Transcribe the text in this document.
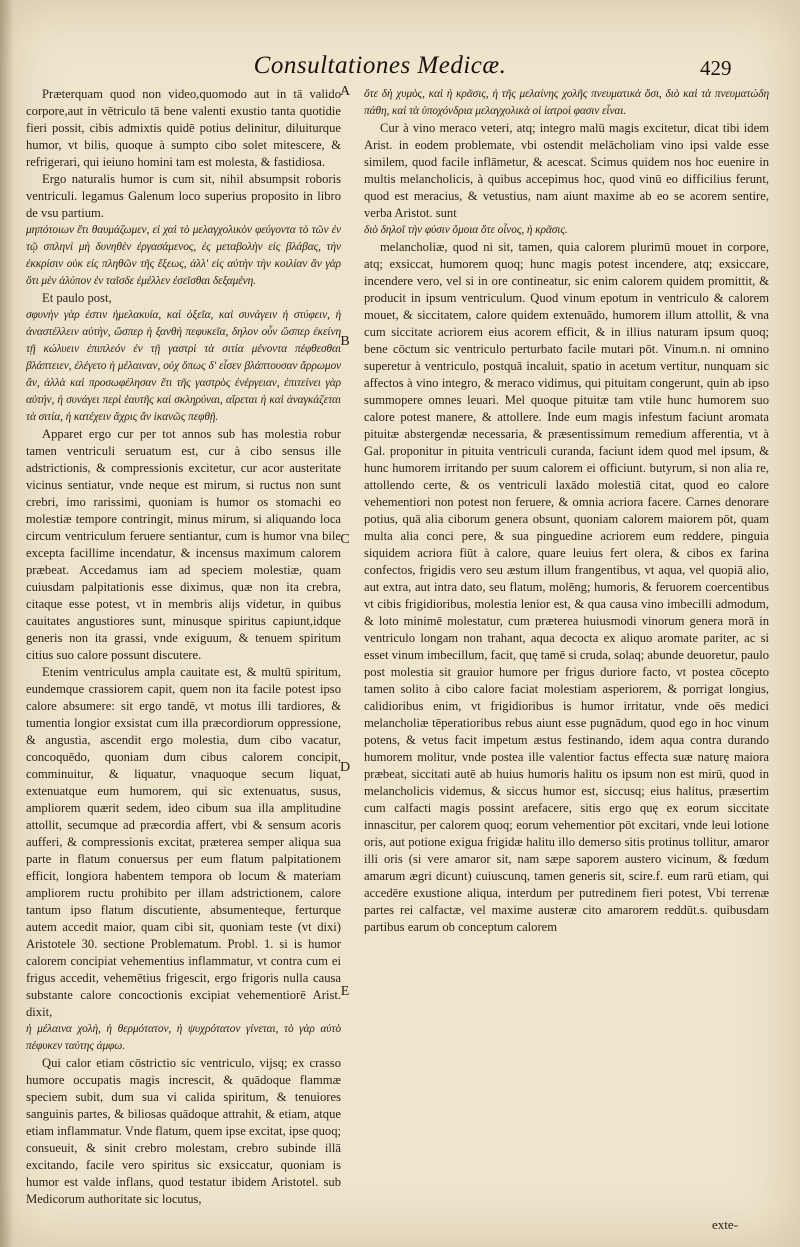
Consultationes Medicæ.	429

Præterquam quod non video,quomodo aut in tā valido corpore,aut in vētriculo tā bene valenti exustio tanta quotidie fieri possit, cibis admixtis quidē potius delinitur, diluiturque humor, vt bilis, quoque à sumpto cibo solet mitescere, & refrigerari, qui ieiuno homini tam est molesta, & fastidiosa.

Ergo naturalis humor is cum sit, nihil absumpsit roboris ventriculi. legamus Galenum loco superius proposito in libro de vsu partium.

μηπότοιων ἔτι θαυμάζωμεν, εἰ χαὶ τὸ μελαγχολικὸν φεύγοντα τὸ τῶν ἐν τῷ σπληνὶ μὴ δυνηθὲν ἐργασάμενος, ἐς μεταβολὴν εἰς βλάβας, τὴν ἐκκρίσιν οὐκ εἰς πληθῶν τῆς ἕξεως, ἀλλ' εἰς αὐτὴν τὴν κοιλίαν ἄν γὰρ ὅτι μὲν ἀλύπον ἐν ταῖσδε ἐμέλλεν ἐσεῖσθαι δεξαμένη.

Et paulo post,

σφυνὴν γὰρ ἐστιν ἡμελακυία, καὶ ὀξεῖα, καὶ συνάγειν ἡ στύφειν, ἡ ἀναστέλλειν αὐτὴν, ὥσπερ ἡ ξανθὴ πεφυκεῖα, δηλον οὖν ὥσπερ ἐκείνη τῇ κώλυειν ἐπιπλεόν ἐν τῇ γαστρὶ τὰ σιτία μένοντα πέφθεσθαι βλάπτειεν, ἐλέγετο ἡ μέλαιναν, οὐχ ὅπως δ' εἶσεν βλάπτουσαν ἄρρωμον ἄν, ἀλλὰ καὶ προσωφέλησαν ἔτι τῆς γαστρὸς ἐνέργειαν, ἐπιτείνει γὰρ αὐτήν, ἡ συνάγει περὶ ἑαυτῆς καὶ σκληρύναι, αἵρεται ἡ καὶ ἀναγκάζεται τὰ σιτία, ἡ κατέχειν ἄχρις ἄν ἱκανῶς πεφθῇ.

Apparet ergo cur per tot annos sub has molestia robur tamen ventriculi seruatum est, cur à cibo sensus ille adstrictionis, & compressionis excitetur, cur acor austeritate vicinus sentiatur, vnde neque est mirum, si ructus non sunt crebri, imo rarissimi, quoniam is humor os stomachi eo molestiæ tempore contringit, minus mirum, si aliquando loca circum ventriculum feruere sentiantur, cum is humor vna bile excepta facillime incendatur, & incensus maximum calorem præbeat. Accedamus iam ad speciem molestiæ, quam cuiusdam palpitationis esse diximus, quæ non ita crebra, citaque esse potest, vt in membris alijs videtur, in quibus cauitates angustiores sunt, minusque spiritus capiunt,idque generis non ita grassi, vnde exiguum, & tenuem spiritum citius suo calore possunt discutere.

Etenim ventriculus ampla cauitate est, & multū spiritum, eundemque crassiorem capit, quem non ita facile potest ipso calore absumere: sit ergo tandē, vt motus illi tardiores, & tumentia longior exsistat cum illa præcordiorum oppressione, & angustia, ascendit ergo molestia, dum cibo vacatur, concoquēdo, quoniam dum cibus calorem concipit, comminuitur, & liquatur, vnaquoque secum liquat, extenuatque eum humorem, qui sic extenuatus, susus, ampliorem quærit sedem, ideo cibum sua illa amplitudine attollit, secumque ad præcordia affert, vbi & sensum acoris aufferi, & compressionis excitat, præterea semper aliqua sua parte in flatum conuersus per eum flatum palpitationem efficit, longiora habentem tempora ob locum & materiam ampliorem ructu prohibito per illam adstrictionem, calore tantum ipso flatum discutiente, absumenteque, ferturque autem accedit maior, quam cibi sit, quoniam teste (vt dixi) Aristotele 30. sectione Problematum. Probl. 1. si is humor calorem concipiat vehementius inflammatur, vt contra cum ei frigus accedit, vehemētius frigescit, ergo frigoris nulla causa substante calore concoctionis excipiat vehementiorē Arist. dixit,

ἡ μέλαινα χολὴ, ἡ θερμότατον, ἡ ψυχρότατον γίνεται, τὸ γὰρ αὐτὸ πέφυκεν ταύτης ἀμφω.

Qui calor etiam cōstrictio sic ventriculo, vijsq; ex crasso humore occupatis magis increscit, & quādoque flammæ speciem subit, dum sua vi calida spiritum, & tenuiores sanguinis partes, & biliosas quādoque attrahit, & etiam, atque etiam inflammatur. Vnde flatum, quem ipse excitat, ipse quoq; consueuit, & sinit crebro molestam, crebro subinde illā excitando, facile vero spiritus sic exsiccatur, quoniam is humor est valde inflans, quod testatur ibidem Aristotel. sub Medicorum authoritate sic locutus,

A
B
C
D
E

ὅτε δὴ χυμὸς, καὶ ἡ κρᾶσις, ἡ τῆς μελαίνης χολῆς πνευματικὰ ὅσι, διὸ καὶ τὰ πνευματώδη πάθη, καὶ τὰ ὑποχόνδρια μελαγχολικὰ οἱ ἰατροὶ φασιν εἶναι.

Cur à vino meraco veteri, atq; integro malū magis excitetur, dicat tibi idem Arist. in eodem problemate, vbi ostendit melācholiam vino ipsi valde esse similem, quod facile inflāmetur, & acescat. Scimus quidem nos hoc euenire in multis melancholicis, à quibus accepimus hoc, quod vinū eo difficilius ferunt, quod est meracius, & vetustius, nam aiunt maxime ab eo se acorem sentire, verba Aristot. sunt

διὸ δηλοῖ τὴν φύσιν ὅμοια ὅτε οἶνος, ἡ κρᾶσις.

melancholiæ, quod ni sit, tamen, quia calorem plurimū mouet in corpore, atq; exsiccat, humorem quoq; hunc magis potest incendere, atq; exsiccare, incendere vero, vel si in ore contineatur, sic enim calorem quidem promittit, & producit in ipsum ventriculum. Quod vinum epotum in ventriculo & calorem mouet, & siccitatem, calore quidem extenuādo, humorem illum attollit, & vna cum siccitate acriorem eius acorem efficit, & in illius naturam ipsum quoq; bene cōctum sic ventriculo perturbato facile mutari pōt. Vinum.n. ni omnino superetur à ventriculo, postquā incaluit, spatio in acetum vertitur, nunquam sic affectos à vino integro, & meraco vidimus, qui pituitam congerunt, quin ab ipso summopere omnes leuari. Mel quoque pituitæ tam vtile hunc humorem suo calore potest manere, & attollere. Inde eum magis infestum faciunt aromata pituitæ abstergendæ necessaria, & præsentissimum remedium afferentia, vt à Gal. proponitur in pituita ventriculi curanda, faciunt idem quod mel ipsum, & hunc humorem irritando per suum calorem ei officiunt. butyrum, si non alia re, attollendo certe, & os ventriculi laxādo molestiā citat, quod eo calore vehementiori non potest non feruere, & omnia acriora facere. Carnes denorare potius, quā alia ciborum genera obsunt, quoniam calorem maiorem pōt, quam multa alia conci pere, & sua pinguedine acriorem eum reddere, pinguia siquidem acriora fiūt à calore, quare leuius fert olera, & cibos ex farina confectos, frigidis vero seu æstum illum frangentibus, vt aqua, vel quopiā alio, aut extra, aut intra dato, seu flatum, molēng; humoris, & feruorem coercentibus vt cibis frigidioribus, molestia lenior est, & qua causa vino imbecilli admodum, & loto minimē molestatur, cum præterea huiusmodi vinorum genera morā in ventriculo longam non trahant, aqua decocta ex aliquo aromate pariter, ac si esset vinum imbecillum, facit, quę tamē si cruda, solaq; abunde deuoretur, paulo post molestia sit grauior humore per frigus duriore facto, vt postea cōcepto tamen solito à cibo calore faciat molestiam asperiorem, & porrigat longius, calidioribus enim, vt frigidioribus is humor irritatur, vnde oēs medici melancholiæ tēperatioribus rebus aiunt esse pugnādum, quod ego in hoc vinum potens, & vetus facit impetum æstus festinando, idem aqua contra durando humorem molitur, vnde postea ille valentior factus effecta suæ naturę maiora præbeat, siccitati autē ab huius humoris halitu os ipsum non est mirū, quod in melancholicis videmus, & siccus humor est, siccusq; eius halitus, præsertim cum calfacti magis possint arefacere, sitis ergo quę ex eorum siccitate innascitur, per calorem quoq; eorum vehementior pōt excitari, vnde leui lotione oris, aut potione exigua frigidæ halitu illo demerso sitis protinus tollitur, amaror illi oris (si vere amaror sit, nam sæpe saporem austero vicinum, & fœdum amarum ægri dicunt) cuiuscunq, tamen generis sit, scire.f. eum rarū etiam, qui accedēre exustione aliqua, interdum per putredinem fieri potest, Vbi terrenæ partes rei calfactæ, vel maxime austeræ cito amarorem reddūt.s. quibusdam partibus earum ob conceptum calorem

exte-
